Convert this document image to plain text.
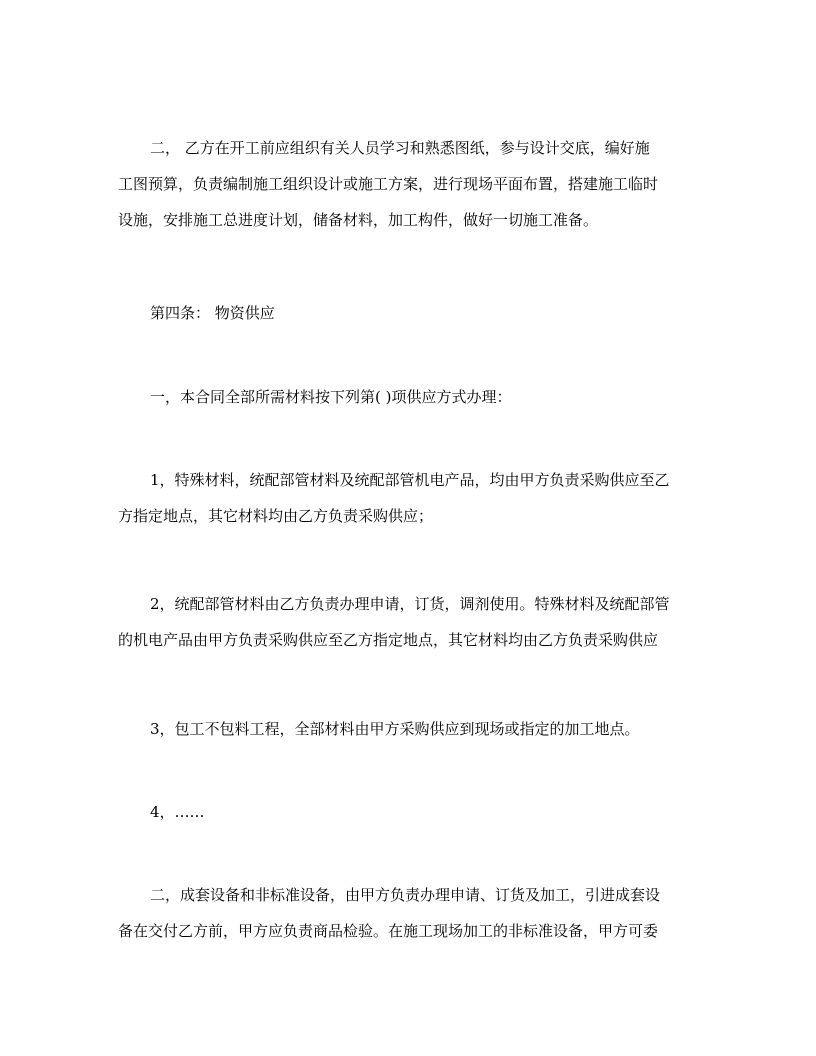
二， 乙方在开工前应组织有关人员学习和熟悉图纸，参与设计交底，编好施
工图预算，负责编制施工组织设计或施工方案，进行现场平面布置，搭建施工临时
设施，安排施工总进度计划，储备材料，加工构件，做好一切施工准备。
第四条： 物资供应
一，本合同全部所需材料按下列第( )项供应方式办理：
1，特殊材料，统配部管材料及统配部管机电产品，均由甲方负责采购供应至乙
方指定地点，其它材料均由乙方负责采购供应；
2，统配部管材料由乙方负责办理申请，订货，调剂使用。特殊材料及统配部管
的机电产品由甲方负责采购供应至乙方指定地点，其它材料均由乙方负责采购供应
3，包工不包料工程，全部材料由甲方采购供应到现场或指定的加工地点。
4，……
二，成套设备和非标准设备，由甲方负责办理申请、订货及加工，引进成套设
备在交付乙方前，甲方应负责商品检验。在施工现场加工的非标准设备，甲方可委
